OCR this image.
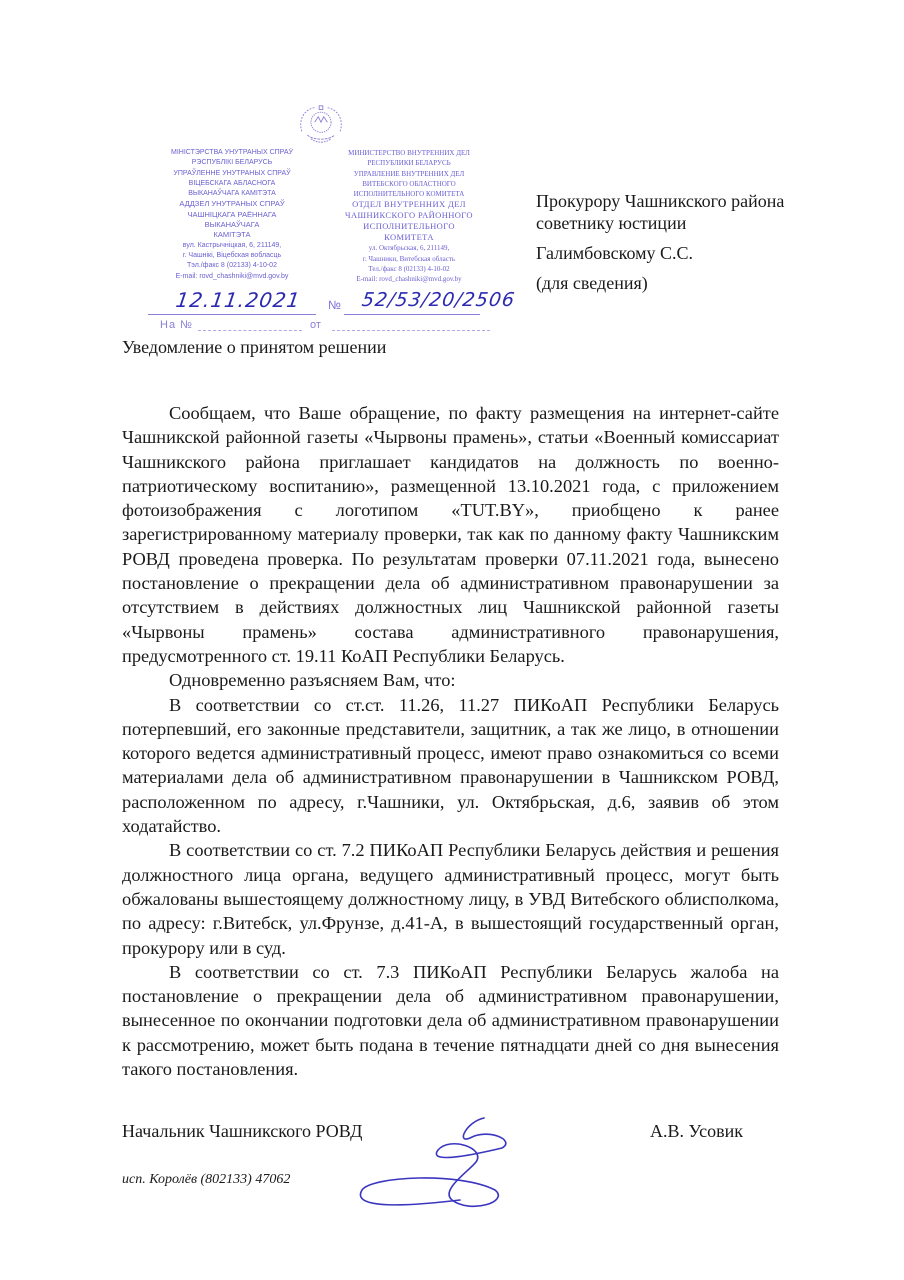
МІНІСТЭРСТВА УНУТРАНЫХ СПРАЎ
РЭСПУБЛІКІ БЕЛАРУСЬ
УПРАЎЛЕННЕ УНУТРАНЫХ СПРАЎ
ВІЦЕБСКАГА АБЛАСНОГА
ВЫКАНАЎЧАГА КАМІТЭТА
АДДЗЕЛ УНУТРАНЫХ СПРАЎ
ЧАШНІЦКАГА РАЁННАГА
ВЫКАНАЎЧАГА
КАМІТЭТА
вул. Кастрычніцкая, 6, 211149,
г. Чашнікі, Віцебская вобласць
Тэл./факс 8 (02133) 4-10-02
E-mail: rovd_chashniki@mvd.gov.by
МИНИСТЕРСТВО ВНУТРЕННИХ ДЕЛ
РЕСПУБЛИКИ БЕЛАРУСЬ
УПРАВЛЕНИЕ ВНУТРЕННИХ ДЕЛ
ВИТЕБСКОГО ОБЛАСТНОГО
ИСПОЛНИТЕЛЬНОГО КОМИТЕТА
ОТДЕЛ ВНУТРЕННИХ ДЕЛ
ЧАШНИКСКОГО РАЙОННОГО
ИСПОЛНИТЕЛЬНОГО
КОМИТЕТА
ул. Октябрьская, 6, 211149,
г. Чашники, Витебская область
Тел./факс 8 (02133) 4-10-02
E-mail: rovd_chashniki@mvd.gov.by
12.11.2021 № 52/53/20/2506
На №	от
Прокурору Чашникского района
советнику юстиции
Галимбовскому С.С.
(для сведения)
Уведомление о принятом решении

Сообщаем, что Ваше обращение, по факту размещения на интернет-сайте Чашникской районной газеты «Чырвоны прамень», статьи «Военный комиссариат Чашникского района приглашает кандидатов на должность по военно-патриотическому воспитанию», размещенной 13.10.2021 года, с приложением фотоизображения с логотипом «TUT.BY», приобщено к ранее зарегистрированному материалу проверки, так как по данному факту Чашникским РОВД проведена проверка. По результатам проверки 07.11.2021 года, вынесено постановление о прекращении дела об административном правонарушении за отсутствием в действиях должностных лиц Чашникской районной газеты «Чырвоны прамень» состава административного правонарушения, предусмотренного ст. 19.11 КоАП Республики Беларусь.

Одновременно разъясняем Вам, что:

В соответствии со ст.ст. 11.26, 11.27 ПИКоАП Республики Беларусь потерпевший, его законные представители, защитник, а так же лицо, в отношении которого ведется административный процесс, имеют право ознакомиться со всеми материалами дела об административном правонарушении в Чашникском РОВД, расположенном по адресу, г.Чашники, ул. Октябрьская, д.6, заявив об этом ходатайство.

В соответствии со ст. 7.2 ПИКоАП Республики Беларусь действия и решения должностного лица органа, ведущего административный процесс, могут быть обжалованы вышестоящему должностному лицу, в УВД Витебского облисполкома, по адресу: г.Витебск, ул.Фрунзе, д.41-А, в вышестоящий государственный орган, прокурору или в суд.

В соответствии со ст. 7.3 ПИКоАП Республики Беларусь жалоба на постановление о прекращении дела об административном правонарушении, вынесенное по окончании подготовки дела об административном правонарушении к рассмотрению, может быть подана в течение пятнадцати дней со дня вынесения такого постановления.

Начальник Чашникского РОВД	А.В. Усовик
исп. Королёв (802133) 47062
